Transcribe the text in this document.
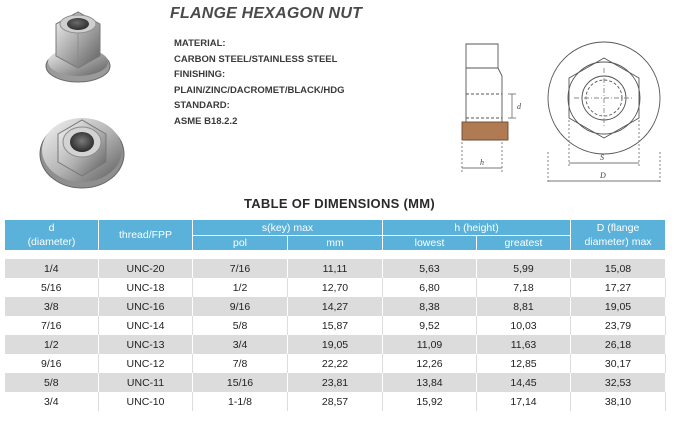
FLANGE HEXAGON NUT
MATERIAL:
CARBON STEEL/STAINLESS STEEL
FINISHING:
PLAIN/ZINC/DACROMET/BLACK/HDG
STANDARD:
ASME B18.2.2
d
h
S
D
TABLE OF DIMENSIONS (MM)
d
(diameter)	thread/FPP	s(key) max		h (height)		D (flange
diameter) max
		pol	mm	lowest	greatest	

1/4	UNC-20	7/16	11,11	5,63	5,99	15,08
5/16	UNC-18	1/2	12,70	6,80	7,18	17,27
3/8	UNC-16	9/16	14,27	8,38	8,81	19,05
7/16	UNC-14	5/8	15,87	9,52	10,03	23,79
1/2	UNC-13	3/4	19,05	11,09	11,63	26,18
9/16	UNC-12	7/8	22,22	12,26	12,85	30,17
5/8	UNC-11	15/16	23,81	13,84	14,45	32,53
3/4	UNC-10	1-1/8	28,57	15,92	17,14	38,10
